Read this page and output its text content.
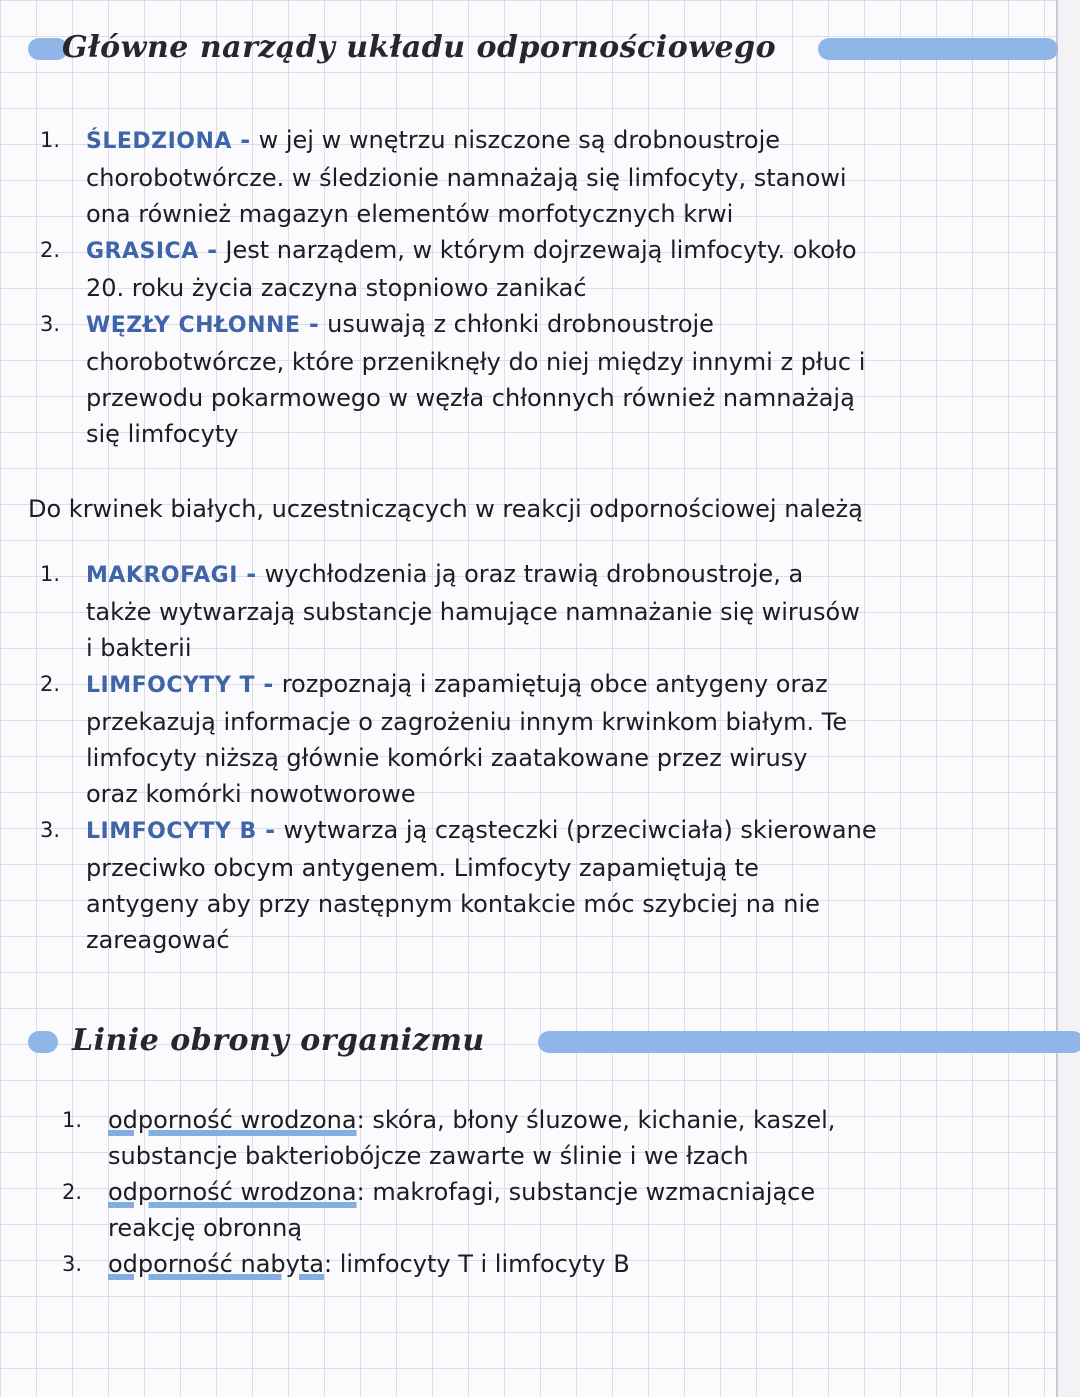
Główne narządy układu odpornościowego
1. ŚLEDZIONA - w jej w wnętrzu niszczone są drobnoustroje
chorobotwórcze. w śledzionie namnażają się limfocyty, stanowi
ona również magazyn elementów morfotycznych krwi
2. GRASICA - Jest narządem, w którym dojrzewają limfocyty. około
20. roku życia zaczyna stopniowo zanikać
3. WĘZŁY CHŁONNE - usuwają z chłonki drobnoustroje
chorobotwórcze, które przeniknęły do niej między innymi z płuc i
przewodu pokarmowego w węzła chłonnych również namnażają
się limfocyty
Do krwinek białych, uczestniczących w reakcji odpornościowej należą
1. MAKROFAGI - wychłodzenia ją oraz trawią drobnoustroje, a
także wytwarzają substancje hamujące namnażanie się wirusów
i bakterii
2. LIMFOCYTY T - rozpoznają i zapamiętują obce antygeny oraz
przekazują informacje o zagrożeniu innym krwinkom białym. Te
limfocyty niższą głównie komórki zaatakowane przez wirusy
oraz komórki nowotworowe
3. LIMFOCYTY B - wytwarza ją cząsteczki (przeciwciała) skierowane
przeciwko obcym antygenem. Limfocyty zapamiętują te
antygeny aby przy następnym kontakcie móc szybciej na nie
zareagować
Linie obrony organizmu
1. odporność wrodzona: skóra, błony śluzowe, kichanie, kaszel,
substancje bakteriobójcze zawarte w ślinie i we łzach
2. odporność wrodzona: makrofagi, substancje wzmacniające
reakcję obronną
3. odporność nabyta: limfocyty T i limfocyty B
